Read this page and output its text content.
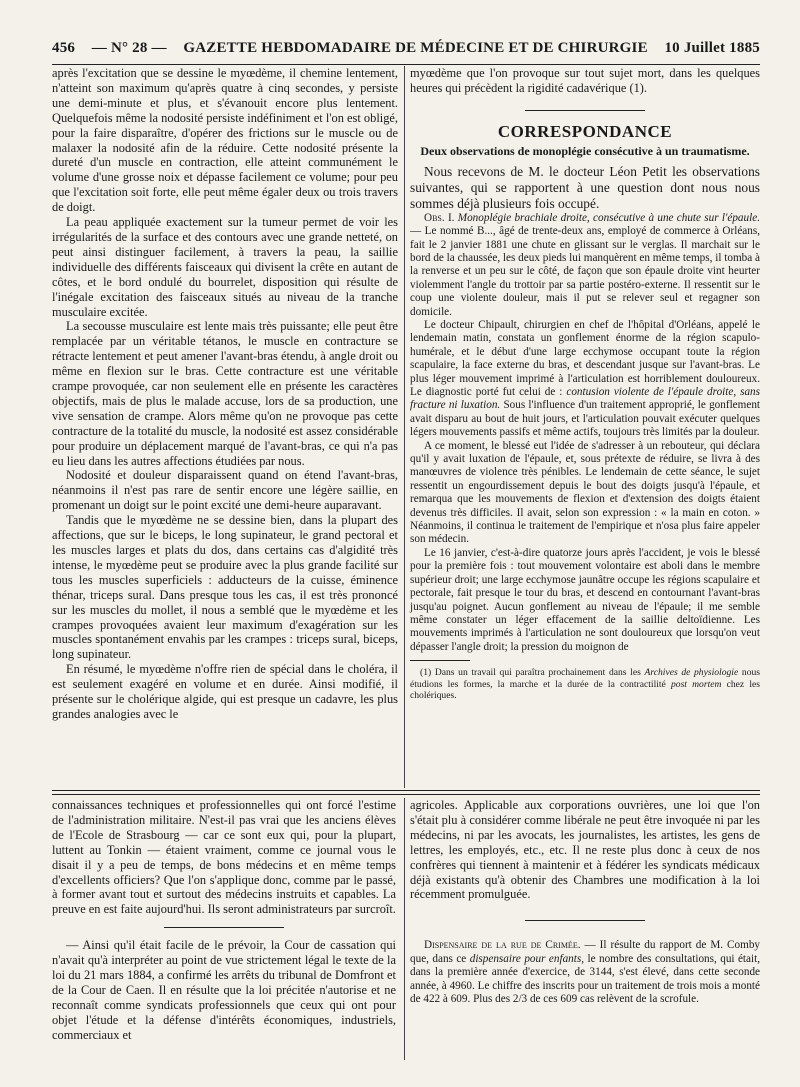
456 — N° 28 — GAZETTE HEBDOMADAIRE DE MÉDECINE ET DE CHIRURGIE 10 Juillet 1885

après l'excitation que se dessine le myœdème, il chemine lentement, n'atteint son maximum qu'après quatre à cinq secondes, y persiste une demi-minute et plus, et s'évanouit encore plus lentement. Quelquefois même la nodosité persiste indéfiniment et l'on est obligé, pour la faire disparaître, d'opérer des frictions sur le muscle ou de malaxer la nodosité afin de la réduire. Cette nodosité présente la dureté d'un muscle en contraction, elle atteint communément le volume d'une grosse noix et dépasse facilement ce volume; pour peu que l'excitation soit forte, elle peut même égaler deux ou trois travers de doigt.

La peau appliquée exactement sur la tumeur permet de voir les irrégularités de la surface et des contours avec une grande netteté, on peut ainsi distinguer facilement, à travers la peau, la saillie individuelle des différents faisceaux qui divisent la crête en autant de côtes, et le bord ondulé du bourrelet, disposition qui résulte de l'inégale excitation des faisceaux situés au niveau de la tranche musculaire excitée.

La secousse musculaire est lente mais très puissante; elle peut être remplacée par un véritable tétanos, le muscle en contracture se rétracte lentement et peut amener l'avant-bras étendu, à angle droit ou même en flexion sur le bras. Cette contracture est une véritable crampe provoquée, car non seulement elle en présente les caractères objectifs, mais de plus le malade accuse, lors de sa production, une vive sensation de crampe. Alors même qu'on ne provoque pas cette contracture de la totalité du muscle, la nodosité est assez considérable pour produire un déplacement marqué de l'avant-bras, ce qui n'a pas eu lieu dans les autres affections étudiées par nous.

Nodosité et douleur disparaissent quand on étend l'avant-bras, néanmoins il n'est pas rare de sentir encore une légère saillie, en promenant un doigt sur le point excité une demi-heure auparavant.

Tandis que le myœdème ne se dessine bien, dans la plupart des affections, que sur le biceps, le long supinateur, le grand pectoral et les muscles larges et plats du dos, dans certains cas d'algidité très intense, le myœdème peut se produire avec la plus grande facilité sur tous les muscles superficiels : adducteurs de la cuisse, éminence thénar, triceps sural. Dans presque tous les cas, il est très prononcé sur les muscles du mollet, il nous a semblé que le myœdème et les crampes provoquées avaient leur maximum d'exagération sur les muscles spontanément envahis par les crampes : triceps sural, biceps, long supinateur.

En résumé, le myœdème n'offre rien de spécial dans le choléra, il est seulement exagéré en volume et en durée. Ainsi modifié, il présente sur le cholérique algide, qui est presque un cadavre, les plus grandes analogies avec le

myœdème que l'on provoque sur tout sujet mort, dans les quelques heures qui précèdent la rigidité cadavérique (1).

CORRESPONDANCE
Deux observations de monoplégie consécutive à un traumatisme.

Nous recevons de M. le docteur Léon Petit les observations suivantes, qui se rapportent à une question dont nous nous sommes déjà plusieurs fois occupé.

Obs. I. Monoplégie brachiale droite, consécutive à une chute sur l'épaule. — Le nommé B..., âgé de trente-deux ans, employé de commerce à Orléans, fait le 2 janvier 1881 une chute en glissant sur le verglas. Il marchait sur le bord de la chaussée, les deux pieds lui manquèrent en même temps, il tomba à la renverse et un peu sur le côté, de façon que son épaule droite vint heurter violemment l'angle du trottoir par sa partie postéro-externe. Il ressentit sur le coup une violente douleur, mais il put se relever seul et regagner son domicile.

Le docteur Chipault, chirurgien en chef de l'hôpital d'Orléans, appelé le lendemain matin, constata un gonflement énorme de la région scapulo-humérale, et le début d'une large ecchymose occupant toute la région scapulaire, la face externe du bras, et descendant jusque sur l'avant-bras. Le plus léger mouvement imprimé à l'articulation est horriblement douloureux. Le diagnostic porté fut celui de : contusion violente de l'épaule droite, sans fracture ni luxation. Sous l'influence d'un traitement approprié, le gonflement avait disparu au bout de huit jours, et l'articulation pouvait exécuter quelques légers mouvements passifs et même actifs, toujours très limités par la douleur.

A ce moment, le blessé eut l'idée de s'adresser à un rebouteur, qui déclara qu'il y avait luxation de l'épaule, et, sous prétexte de réduire, se livra à des manœuvres de violence très pénibles. Le lendemain de cette séance, le sujet ressentit un engourdissement depuis le bout des doigts jusqu'à l'épaule, et remarqua que les mouvements de flexion et d'extension des doigts étaient devenus très difficiles. Il avait, selon son expression : « la main en coton. » Néanmoins, il continua le traitement de l'empirique et n'osa plus faire appeler son médecin.

Le 16 janvier, c'est-à-dire quatorze jours après l'accident, je vois le blessé pour la première fois : tout mouvement volontaire est aboli dans le membre supérieur droit; une large ecchymose jaunâtre occupe les régions scapulaire et pectorale, fait presque le tour du bras, et descend en contournant l'avant-bras jusqu'au poignet. Aucun gonflement au niveau de l'épaule; il me semble même constater un léger effacement de la saillie deltoïdienne. Les mouvements imprimés à l'articulation ne sont douloureux que lorsqu'on veut dépasser l'angle droit; la pression du moignon de

(1) Dans un travail qui paraîtra prochainement dans les Archives de physiologie nous étudions les formes, la marche et la durée de la contractilité post mortem chez les cholériques.

connaissances techniques et professionnelles qui ont forcé l'estime de l'administration militaire. N'est-il pas vrai que les anciens élèves de l'Ecole de Strasbourg — car ce sont eux qui, pour la plupart, luttent au Tonkin — étaient vraiment, comme ce journal vous le disait il y a peu de temps, de bons médecins et en même temps d'excellents officiers? Que l'on s'applique donc, comme par le passé, à former avant tout et surtout des médecins instruits et capables. La preuve en est faite aujourd'hui. Ils seront administrateurs par surcroît.

— Ainsi qu'il était facile de le prévoir, la Cour de cassation qui n'avait qu'à interpréter au point de vue strictement légal le texte de la loi du 21 mars 1884, a confirmé les arrêts du tribunal de Domfront et de la Cour de Caen. Il en résulte que la loi précitée n'autorise et ne reconnaît comme syndicats professionnels que ceux qui ont pour objet l'étude et la défense d'intérêts économiques, industriels, commerciaux et

agricoles. Applicable aux corporations ouvrières, une loi que l'on s'était plu à considérer comme libérale ne peut être invoquée ni par les médecins, ni par les avocats, les journalistes, les artistes, les gens de lettres, les employés, etc., etc. Il ne reste plus donc à ceux de nos confrères qui tiennent à maintenir et à fédérer les syndicats médicaux déjà existants qu'à obtenir des Chambres une modification à la loi récemment promulguée.

Dispensaire de la rue de Crimée. — Il résulte du rapport de M. Comby que, dans ce dispensaire pour enfants, le nombre des consultations, qui était, dans la première année d'exercice, de 3144, s'est élevé, dans cette seconde année, à 4960. Le chiffre des inscrits pour un traitement de trois mois a monté de 422 à 609. Plus des 2/3 de ces 609 cas relèvent de la scrofule.
